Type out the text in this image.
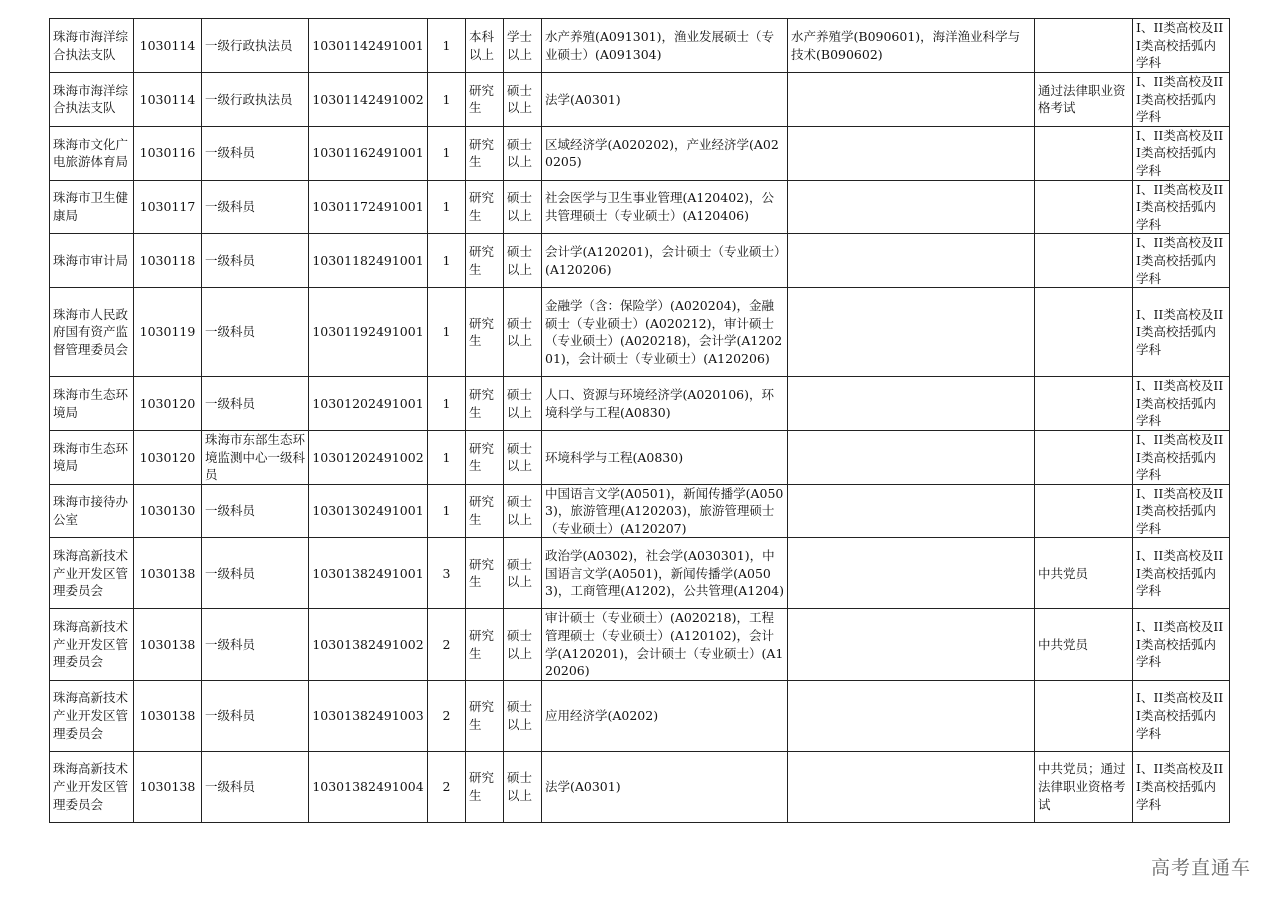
珠海市海洋综合执法支队	1030114	一级行政执法员	10301142491001	1	本科以上	学士以上	水产养殖(A091301)，渔业发展硕士（专业硕士）(A091304)	水产养殖学(B090601)，海洋渔业科学与技术(B090602)		I、II类高校及III类高校括弧内学科
珠海市海洋综合执法支队	1030114	一级行政执法员	10301142491002	1	研究生	硕士以上	法学(A0301)		通过法律职业资格考试	I、II类高校及III类高校括弧内学科
珠海市文化广电旅游体育局	1030116	一级科员	10301162491001	1	研究生	硕士以上	区域经济学(A020202)，产业经济学(A020205)			I、II类高校及III类高校括弧内学科
珠海市卫生健康局	1030117	一级科员	10301172491001	1	研究生	硕士以上	社会医学与卫生事业管理(A120402)，公共管理硕士（专业硕士）(A120406)			I、II类高校及III类高校括弧内学科
珠海市审计局	1030118	一级科员	10301182491001	1	研究生	硕士以上	会计学(A120201)，会计硕士（专业硕士）(A120206)			I、II类高校及III类高校括弧内学科
珠海市人民政府国有资产监督管理委员会	1030119	一级科员	10301192491001	1	研究生	硕士以上	金融学（含：保险学）(A020204)，金融硕士（专业硕士）(A020212)，审计硕士（专业硕士）(A020218)，会计学(A120201)，会计硕士（专业硕士）(A120206)			I、II类高校及III类高校括弧内学科
珠海市生态环境局	1030120	一级科员	10301202491001	1	研究生	硕士以上	人口、资源与环境经济学(A020106)，环境科学与工程(A0830)			I、II类高校及III类高校括弧内学科
珠海市生态环境局	1030120	珠海市东部生态环境监测中心一级科员	10301202491002	1	研究生	硕士以上	环境科学与工程(A0830)			I、II类高校及III类高校括弧内学科
珠海市接待办公室	1030130	一级科员	10301302491001	1	研究生	硕士以上	中国语言文学(A0501)，新闻传播学(A0503)，旅游管理(A120203)，旅游管理硕士（专业硕士）(A120207)			I、II类高校及III类高校括弧内学科
珠海高新技术产业开发区管理委员会	1030138	一级科员	10301382491001	3	研究生	硕士以上	政治学(A0302)，社会学(A030301)，中国语言文学(A0501)，新闻传播学(A0503)，工商管理(A1202)，公共管理(A1204)		中共党员	I、II类高校及III类高校括弧内学科
珠海高新技术产业开发区管理委员会	1030138	一级科员	10301382491002	2	研究生	硕士以上	审计硕士（专业硕士）(A020218)，工程管理硕士（专业硕士）(A120102)，会计学(A120201)，会计硕士（专业硕士）(A120206)		中共党员	I、II类高校及III类高校括弧内学科
珠海高新技术产业开发区管理委员会	1030138	一级科员	10301382491003	2	研究生	硕士以上	应用经济学(A0202)			I、II类高校及III类高校括弧内学科
珠海高新技术产业开发区管理委员会	1030138	一级科员	10301382491004	2	研究生	硕士以上	法学(A0301)		中共党员；通过法律职业资格考试	I、II类高校及III类高校括弧内学科
高考直通车
